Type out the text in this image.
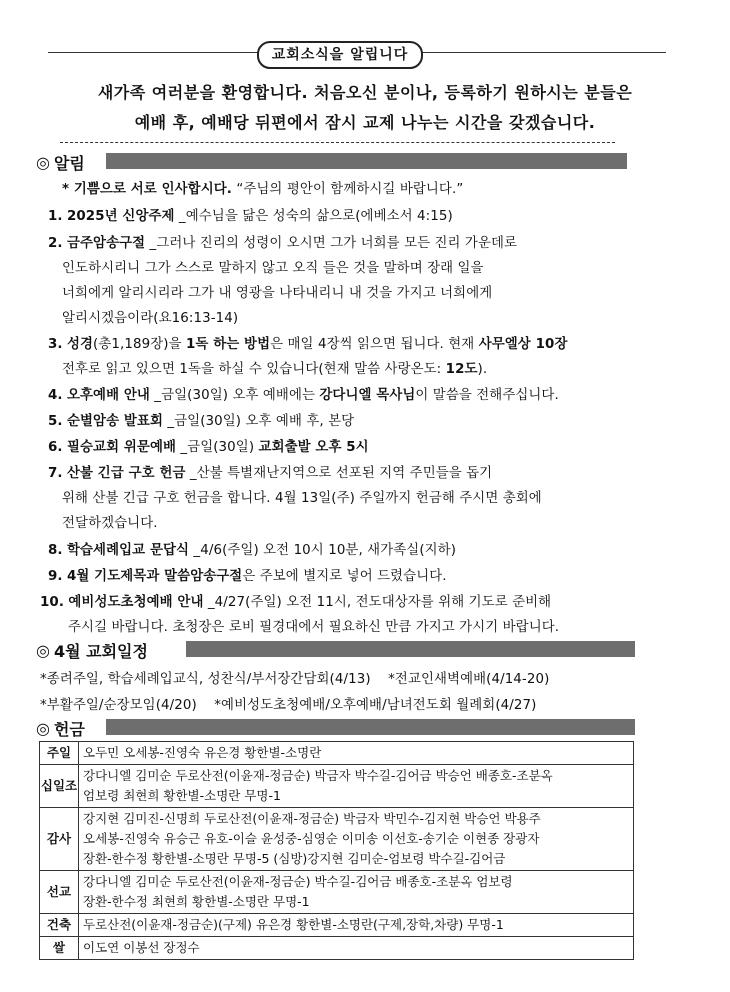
교회소식을 알립니다
새가족 여러분을 환영합니다. 처음오신 분이나, 등록하기 원하시는 분들은
예배 후, 예배당 뒤편에서 잠시 교제 나누는 시간을 갖겠습니다.
◎ 알림
* 기쁨으로 서로 인사합시다. “주님의 평안이 함께하시길 바랍니다.”
1. 2025년 신앙주제 _예수님을 닮은 성숙의 삶으로(에베소서 4:15)
2. 금주암송구절 _그러나 진리의 성령이 오시면 그가 너희를 모든 진리 가운데로
인도하시리니 그가 스스로 말하지 않고 오직 들은 것을 말하며 장래 일을
너희에게 알리시리라 그가 내 영광을 나타내리니 내 것을 가지고 너희에게
알리시겠음이라(요16:13-14)
3. 성경(총1,189장)을 1독 하는 방법은 매일 4장씩 읽으면 됩니다. 현재 사무엘상 10장
전후로 읽고 있으면 1독을 하실 수 있습니다(현재 말씀 사랑온도: 12도).
4. 오후예배 안내 _금일(30일) 오후 예배에는 강다니엘 목사님이 말씀을 전해주십니다.
5. 순별암송 발표회 _금일(30일) 오후 예배 후, 본당
6. 필승교회 위문예배 _금일(30일) 교회출발 오후 5시
7. 산불 긴급 구호 헌금 _산불 특별재난지역으로 선포된 지역 주민들을 돕기
위해 산불 긴급 구호 헌금을 합니다. 4월 13일(주) 주일까지 헌금해 주시면 총회에
전달하겠습니다.
8. 학습세례입교 문답식 _4/6(주일) 오전 10시 10분, 새가족실(지하)
9. 4월 기도제목과 말씀암송구절은 주보에 별지로 넣어 드렸습니다.
10. 예비성도초청예배 안내 _4/27(주일) 오전 11시, 전도대상자를 위해 기도로 준비해
주시길 바랍니다. 초청장은 로비 필경대에서 필요하신 만큼 가지고 가시기 바랍니다.
◎ 4월 교회일정
*종려주일, 학습세례입교식, 성찬식/부서장간담회(4/13) *전교인새벽예배(4/14-20)
*부활주일/순장모임(4/20) *예비성도초청예배/오후예배/남녀전도회 월례회(4/27)
◎ 헌금
주일	오두민 오세봉-진영숙 유은경 황한별-소명란
십일조	강다니엘 김미순 두로산전(이윤재-정금순) 박금자 박수길-김어금 박승언 배종호-조분옥
엄보령 최현희 황한별-소명란 무명-1

감사	강지현 김미진-신명희 두로산전(이윤재-정금순) 박금자 박민수-김지현 박승언 박용주
오세봉-진영숙 유승근 유호-이슬 윤성중-심영순 이미송 이선호-송기순 이현종 장광자
장환-한수정 황한별-소명란 무명-5 (심방)강지현 김미순-엄보령 박수길-김어금

선교	강다니엘 김미순 두로산전(이윤재-정금순) 박수길-김어금 배종호-조분옥 엄보령
장환-한수정 최현희 황한별-소명란 무명-1

건축	두로산전(이윤재-정금순)(구제) 유은경 황한별-소명란(구제,장학,차량) 무명-1
쌀	이도연 이봉선 장정수
